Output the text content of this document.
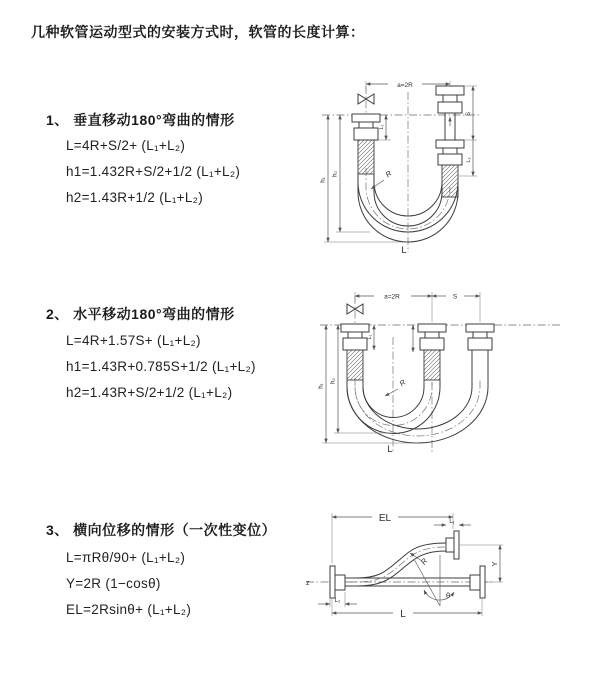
几种软管运动型式的安装方式时，软管的长度计算：
1、 垂直移动180°弯曲的情形
L=4R+S/2+ (L₁+L₂)
h1=1.432R+S/2+1/2 (L₁+L₂)
h2=1.43R+1/2 (L₁+L₂)
a=2R
h₁
h₂
L₁
S
L₂
R
L
2、 水平移动180°弯曲的情形
L=4R+1.57S+ (L₁+L₂)
h1=1.43R+0.785S+1/2 (L₁+L₂)
h2=1.43R+S/2+1/2 (L₁+L₂)
a=2R	S
L₁
h₁
h₂	R
L
3、 横向位移的情形（一次性变位）
L=πRθ/90+ (L₁+L₂)
Y=2R (1−cosθ)
EL=2Rsinθ+ (L₁+L₂)
z
θ
R
EL	L₁
Y
L
L₂
